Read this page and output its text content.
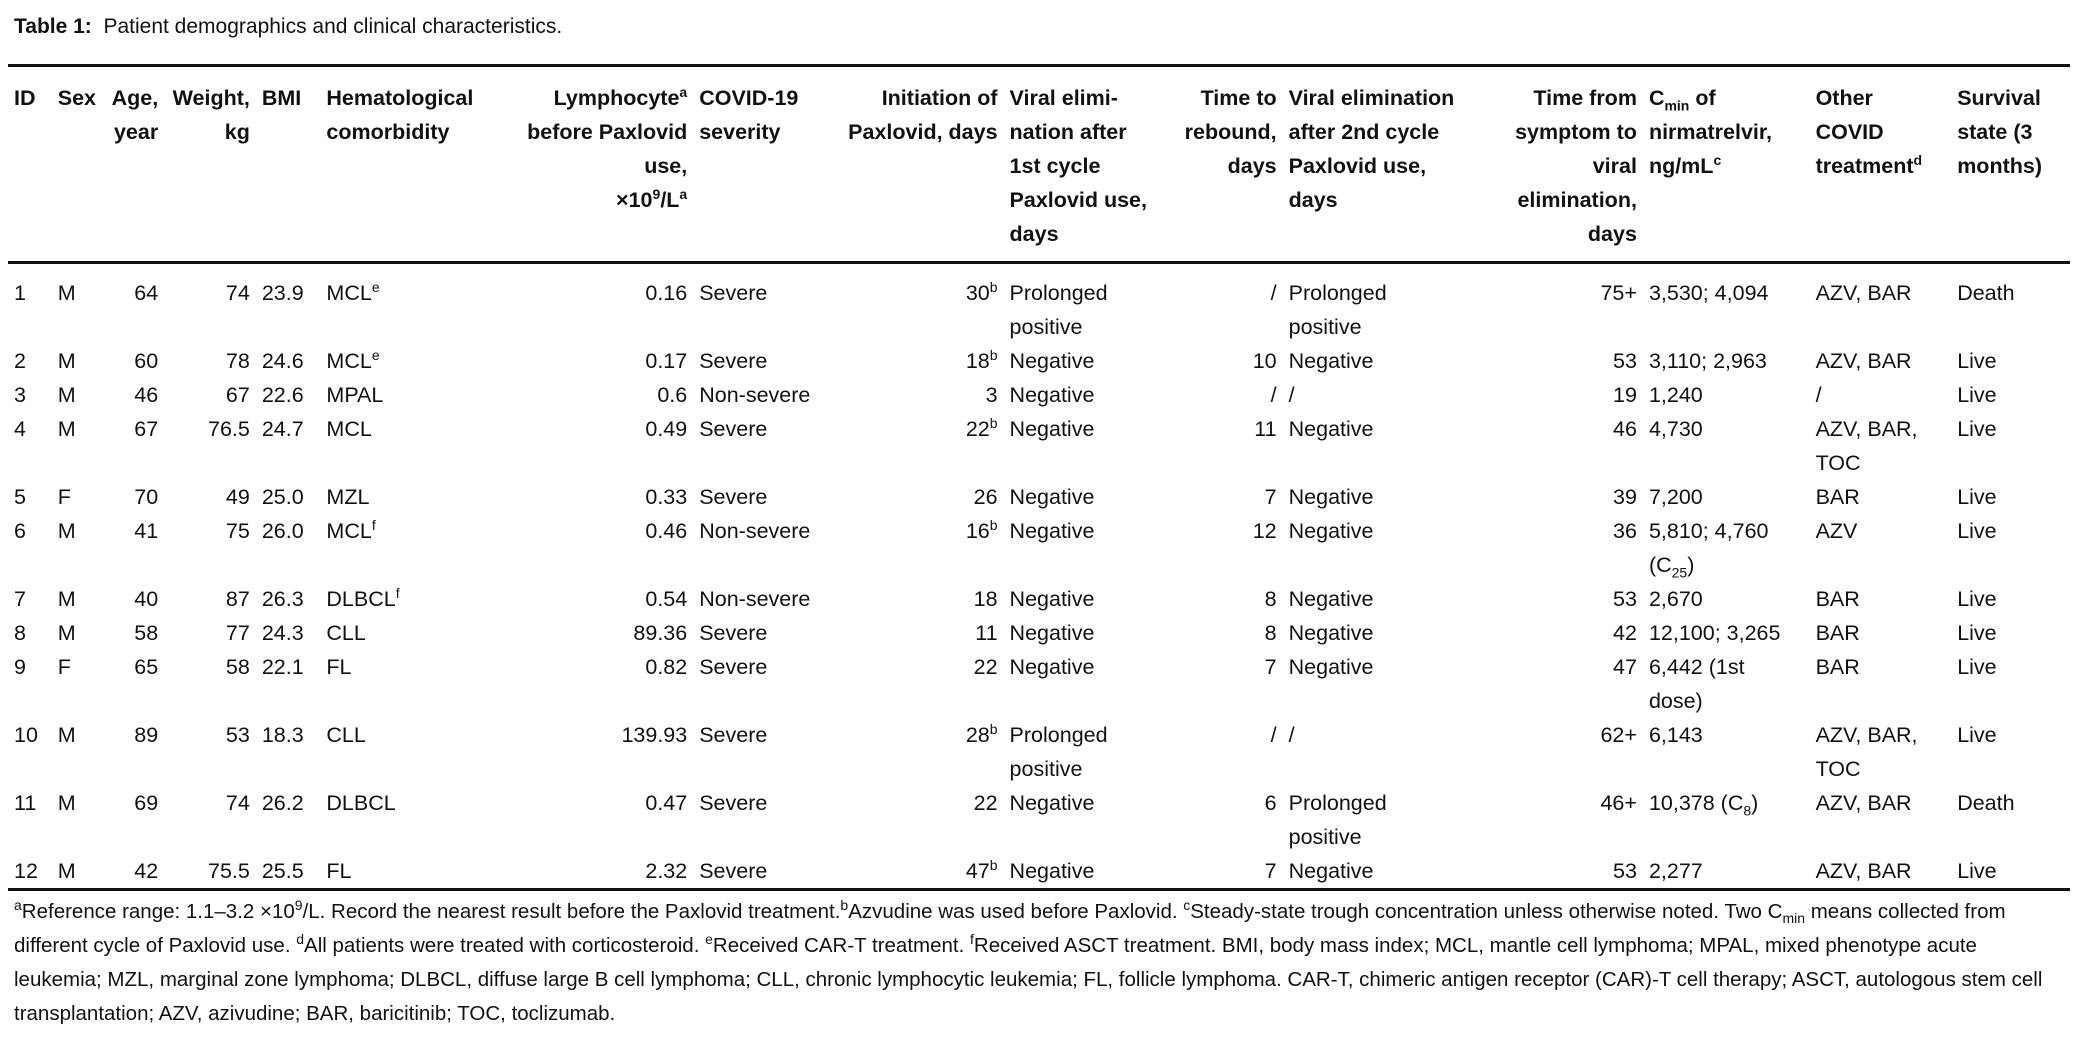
Table 1: Patient demographics and clinical characteristics.
ID	Sex	Age, year	Weight, kg	BMI	Hematological comorbidity	Lymphocyte$^a$
before Paxlovid use,
$\times 10^9/L^a$	COVID-19 severity	Initiation of Paxlovid, days	Viral elimi-nation after 1st cycle Paxlovid use, days	Time to rebound, days	Viral elimination after 2nd cycle Paxlovid use, days	Time from symptom to viral elimination, days	$C_{min}$ of nirmatrelvir, $ng/mL^c$	Other COVID treatment$^d$	Survival state (3 months)
1	M	64	74	23.9	MCLe	0.16	Severe	30$^b$	Prolonged positive	/	Prolonged positive	75+	3,530; 4,094	AZV, BAR	Death
2	M	60	78	24.6	MCLe	0.17	Severe	18$^b$	Negative	10	Negative	53	3,110; 2,963	AZV, BAR	Live
3	M	46	67	22.6	MPAL	0.6	Non-severe	3	Negative	/	/	19	1,240	/	Live
4	M	67	76.5	24.7	MCL	0.49	Severe	22$^b$	Negative	11	Negative	46	4,730	AZV, BAR, TOC	Live
5	F	70	49	25.0	MZL	0.33	Severe	26	Negative	7	Negative	39	7,200	BAR	Live
6	M	41	75	26.0	MCL$^f$	0.46	Non-severe	16$^b$	Negative	12	Negative	36	5,810; 4,760 $(C_{25})$	AZV	Live
7	M	40	87	26.3	DLBCL$^f$	0.54	Non-severe	18	Negative	8	Negative	53	2,670	BAR	Live
8	M	58	77	24.3	CLL	89.36	Severe	11	Negative	8	Negative	42	12,100; 3,265	BAR	Live
9	F	65	58	22.1	FL	0.82	Severe	22	Negative	7	Negative	47	6,442 (1st dose)	BAR	Live
10	M	89	53	18.3	CLL	139.93	Severe	28$^b$	Prolonged positive	/	/	62+	6,143	AZV, BAR, TOC	Live
11	M	69	74	26.2	DLBCL	0.47	Severe	22	Negative	6	Prolonged positive	46+	10,378 $(C_8)$	AZV, BAR	Death
12	M	42	75.5	25.5	FL	2.32	Severe	47$^b$	Negative	7	Negative	53	2,277	AZV, BAR	Live
$^a$Reference range: $1.1-3.2 \times 10^9/L$. Record the nearest result before the Paxlovid treatment.$^b$Azvudine was used before Paxlovid. $^c$Steady-state trough concentration unless otherwise noted. Two $C_{min}$ means collected from different cycle of Paxlovid use. $^d$All patients were treated with corticosteroid. $^e$Received CAR-T treatment. $^f$Received ASCT treatment. BMI, body mass index; MCL, mantle cell lymphoma; MPAL, mixed phenotype acute leukemia; MZL, marginal zone lymphoma; DLBCL, diffuse large B cell lymphoma; CLL, chronic lymphocytic leukemia; FL, follicle lymphoma. CAR-T, chimeric antigen receptor (CAR)-T cell therapy; ASCT, autologous stem cell transplantation; AZV, azivudine; BAR, baricitinib; TOC, toclizumab.
